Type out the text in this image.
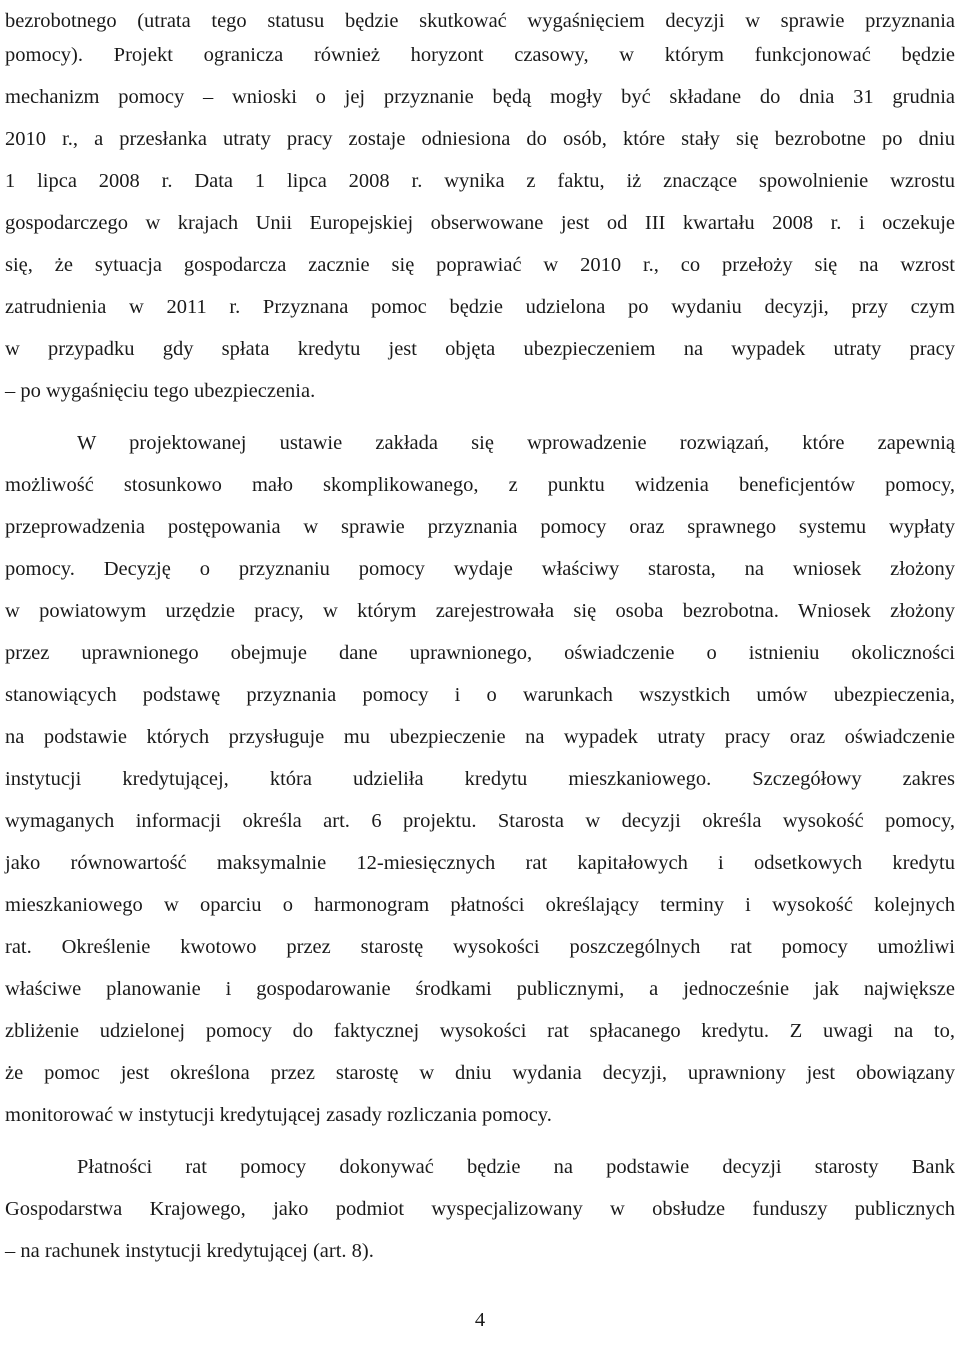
bezrobotnego (utrata tego statusu będzie skutkować wygaśnięciem decyzji w sprawie przyznania
pomocy). Projekt ogranicza również horyzont czasowy, w którym funkcjonować będzie
mechanizm pomocy – wnioski o jej przyznanie będą mogły być składane do dnia 31 grudnia
2010 r., a przesłanka utraty pracy zostaje odniesiona do osób, które stały się bezrobotne po dniu
1 lipca 2008 r. Data 1 lipca 2008 r. wynika z faktu, iż znaczące spowolnienie wzrostu
gospodarczego w krajach Unii Europejskiej obserwowane jest od III kwartału 2008 r. i oczekuje
się, że sytuacja gospodarcza zacznie się poprawiać w 2010 r., co przełoży się na wzrost
zatrudnienia w 2011 r. Przyznana pomoc będzie udzielona po wydaniu decyzji, przy czym
w przypadku gdy spłata kredytu jest objęta ubezpieczeniem na wypadek utraty pracy
– po wygaśnięciu tego ubezpieczenia.
W projektowanej ustawie zakłada się wprowadzenie rozwiązań, które zapewnią
możliwość stosunkowo mało skomplikowanego, z punktu widzenia beneficjentów pomocy,
przeprowadzenia postępowania w sprawie przyznania pomocy oraz sprawnego systemu wypłaty
pomocy. Decyzję o przyznaniu pomocy wydaje właściwy starosta, na wniosek złożony
w powiatowym urzędzie pracy, w którym zarejestrowała się osoba bezrobotna. Wniosek złożony
przez uprawnionego obejmuje dane uprawnionego, oświadczenie o istnieniu okoliczności
stanowiących podstawę przyznania pomocy i o warunkach wszystkich umów ubezpieczenia,
na podstawie których przysługuje mu ubezpieczenie na wypadek utraty pracy oraz oświadczenie
instytucji kredytującej, która udzieliła kredytu mieszkaniowego. Szczegółowy zakres
wymaganych informacji określa art. 6 projektu. Starosta w decyzji określa wysokość pomocy,
jako równowartość maksymalnie 12-miesięcznych rat kapitałowych i odsetkowych kredytu
mieszkaniowego w oparciu o harmonogram płatności określający terminy i wysokość kolejnych
rat. Określenie kwotowo przez starostę wysokości poszczególnych rat pomocy umożliwi
właściwe planowanie i gospodarowanie środkami publicznymi, a jednocześnie jak największe
zbliżenie udzielonej pomocy do faktycznej wysokości rat spłacanego kredytu. Z uwagi na to,
że pomoc jest określona przez starostę w dniu wydania decyzji, uprawniony jest obowiązany
monitorować w instytucji kredytującej zasady rozliczania pomocy.
Płatności rat pomocy dokonywać będzie na podstawie decyzji starosty Bank
Gospodarstwa Krajowego, jako podmiot wyspecjalizowany w obsłudze funduszy publicznych
– na rachunek instytucji kredytującej (art. 8).
4
